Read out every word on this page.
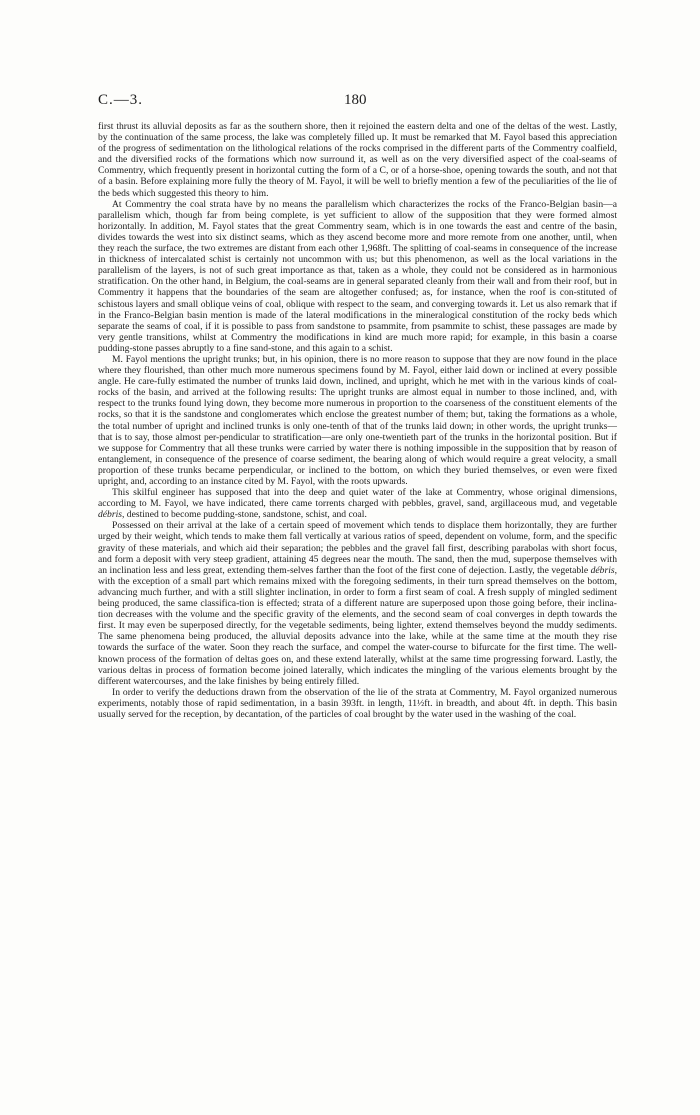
C.—3.	180

first thrust its alluvial deposits as far as the southern shore, then it rejoined the eastern delta and one of the deltas of the west. Lastly, by the continuation of the same process, the lake was completely filled up. It must be remarked that M. Fayol based this appreciation of the progress of sedimentation on the lithological relations of the rocks comprised in the different parts of the Commentry coalfield, and the diversified rocks of the formations which now surround it, as well as on the very diversified aspect of the coal-seams of Commentry, which frequently present in horizontal cutting the form of a C, or of a horse-shoe, opening towards the south, and not that of a basin. Before explaining more fully the theory of M. Fayol, it will be well to briefly mention a few of the peculiarities of the lie of the beds which suggested this theory to him.

At Commentry the coal strata have by no means the parallelism which characterizes the rocks of the Franco-Belgian basin—a parallelism which, though far from being complete, is yet sufficient to allow of the supposition that they were formed almost horizontally. In addition, M. Fayol states that the great Commentry seam, which is in one towards the east and centre of the basin, divides towards the west into six distinct seams, which as they ascend become more and more remote from one another, until, when they reach the surface, the two extremes are distant from each other 1,968ft. The splitting of coal-seams in consequence of the increase in thickness of intercalated schist is certainly not uncommon with us; but this phenomenon, as well as the local variations in the parallelism of the layers, is not of such great importance as that, taken as a whole, they could not be considered as in harmonious stratification. On the other hand, in Belgium, the coal-seams are in general separated cleanly from their wall and from their roof, but in Commentry it happens that the boundaries of the seam are altogether confused; as, for instance, when the roof is con-stituted of schistous layers and small oblique veins of coal, oblique with respect to the seam, and converging towards it. Let us also remark that if in the Franco-Belgian basin mention is made of the lateral modifications in the mineralogical constitution of the rocky beds which separate the seams of coal, if it is possible to pass from sandstone to psammite, from psammite to schist, these passages are made by very gentle transitions, whilst at Commentry the modifications in kind are much more rapid; for example, in this basin a coarse pudding-stone passes abruptly to a fine sand-stone, and this again to a schist.

M. Fayol mentions the upright trunks; but, in his opinion, there is no more reason to suppose that they are now found in the place where they flourished, than other much more numerous specimens found by M. Fayol, either laid down or inclined at every possible angle. He care-fully estimated the number of trunks laid down, inclined, and upright, which he met with in the various kinds of coal-rocks of the basin, and arrived at the following results: The upright trunks are almost equal in number to those inclined, and, with respect to the trunks found lying down, they become more numerous in proportion to the coarseness of the constituent elements of the rocks, so that it is the sandstone and conglomerates which enclose the greatest number of them; but, taking the formations as a whole, the total number of upright and inclined trunks is only one-tenth of that of the trunks laid down; in other words, the upright trunks—that is to say, those almost per-pendicular to stratification—are only one-twentieth part of the trunks in the horizontal position. But if we suppose for Commentry that all these trunks were carried by water there is nothing impossible in the supposition that by reason of entanglement, in consequence of the presence of coarse sediment, the bearing along of which would require a great velocity, a small proportion of these trunks became perpendicular, or inclined to the bottom, on which they buried themselves, or even were fixed upright, and, according to an instance cited by M. Fayol, with the roots upwards.

This skilful engineer has supposed that into the deep and quiet water of the lake at Commentry, whose original dimensions, according to M. Fayol, we have indicated, there came torrents charged with pebbles, gravel, sand, argillaceous mud, and vegetable débris, destined to become pudding-stone, sandstone, schist, and coal.

Possessed on their arrival at the lake of a certain speed of movement which tends to displace them horizontally, they are further urged by their weight, which tends to make them fall vertically at various ratios of speed, dependent on volume, form, and the specific gravity of these materials, and which aid their separation; the pebbles and the gravel fall first, describing parabolas with short focus, and form a deposit with very steep gradient, attaining 45 degrees near the mouth. The sand, then the mud, superpose themselves with an inclination less and less great, extending them-selves farther than the foot of the first cone of dejection. Lastly, the vegetable débris, with the exception of a small part which remains mixed with the foregoing sediments, in their turn spread themselves on the bottom, advancing much further, and with a still slighter inclination, in order to form a first seam of coal. A fresh supply of mingled sediment being produced, the same classifica-tion is effected; strata of a different nature are superposed upon those going before, their inclina-tion decreases with the volume and the specific gravity of the elements, and the second seam of coal converges in depth towards the first. It may even be superposed directly, for the vegetable sediments, being lighter, extend themselves beyond the muddy sediments. The same phenomena being produced, the alluvial deposits advance into the lake, while at the same time at the mouth they rise towards the surface of the water. Soon they reach the surface, and compel the water-course to bifurcate for the first time. The well-known process of the formation of deltas goes on, and these extend laterally, whilst at the same time progressing forward. Lastly, the various deltas in process of formation become joined laterally, which indicates the mingling of the various elements brought by the different watercourses, and the lake finishes by being entirely filled.

In order to verify the deductions drawn from the observation of the lie of the strata at Commentry, M. Fayol organized numerous experiments, notably those of rapid sedimentation, in a basin 393ft. in length, 11½ft. in breadth, and about 4ft. in depth. This basin usually served for the reception, by decantation, of the particles of coal brought by the water used in the washing of the coal.
